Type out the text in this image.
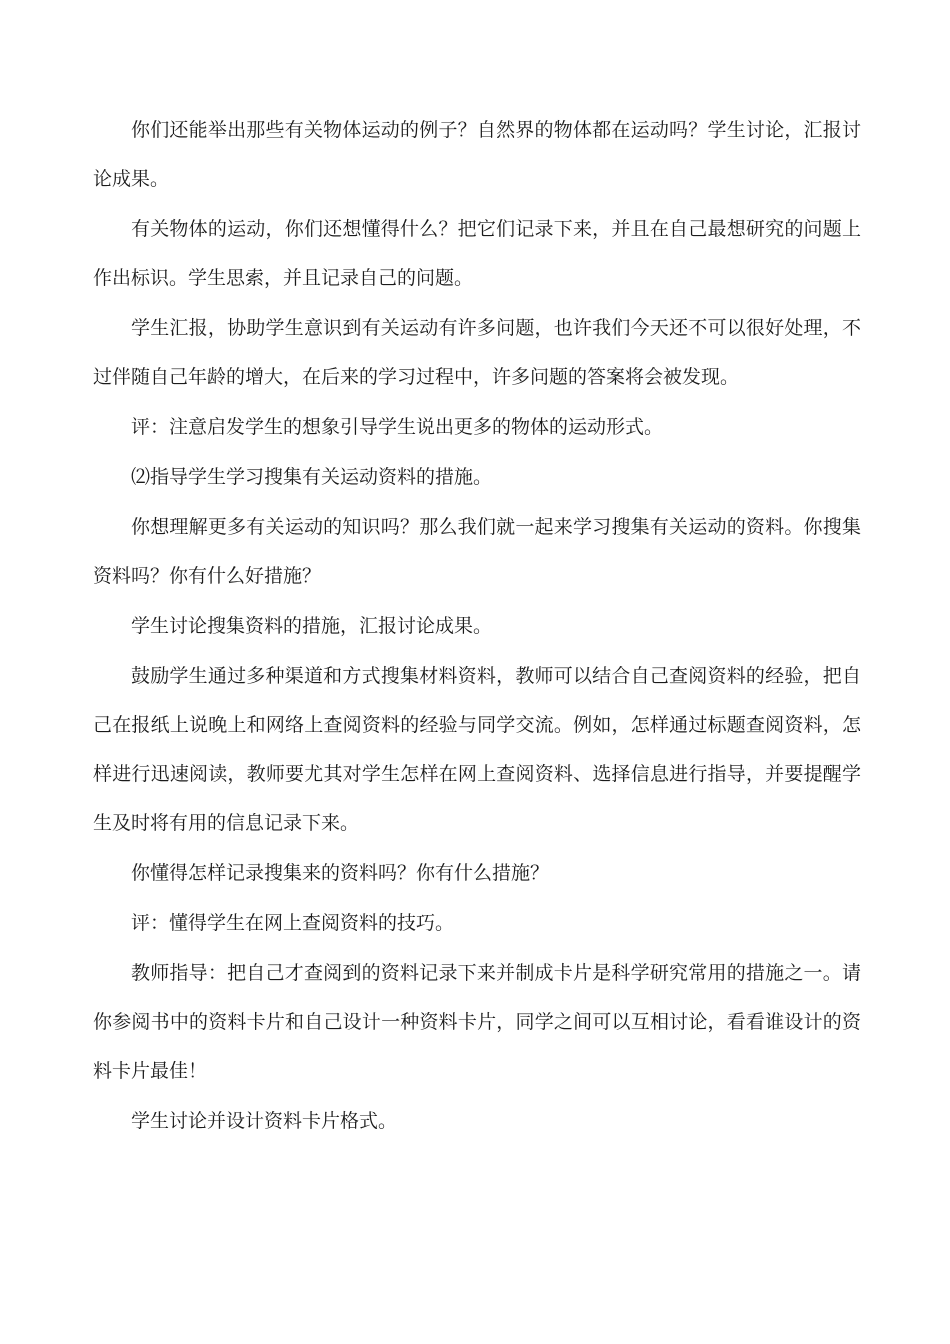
你们还能举出那些有关物体运动的例子？自然界的物体都在运动吗？学生讨论，汇报讨论成果。

有关物体的运动，你们还想懂得什么？把它们记录下来，并且在自己最想研究的问题上作出标识。学生思索，并且记录自己的问题。

学生汇报，协助学生意识到有关运动有许多问题，也许我们今天还不可以很好处理，不过伴随自己年龄的增大，在后来的学习过程中，许多问题的答案将会被发现。

评：注意启发学生的想象引导学生说出更多的物体的运动形式。

⑵指导学生学习搜集有关运动资料的措施。

你想理解更多有关运动的知识吗？那么我们就一起来学习搜集有关运动的资料。你搜集资料吗？你有什么好措施？

学生讨论搜集资料的措施，汇报讨论成果。

鼓励学生通过多种渠道和方式搜集材料资料，教师可以结合自己查阅资料的经验，把自己在报纸上说晚上和网络上查阅资料的经验与同学交流。例如，怎样通过标题查阅资料，怎样进行迅速阅读，教师要尤其对学生怎样在网上查阅资料、选择信息进行指导，并要提醒学生及时将有用的信息记录下来。

你懂得怎样记录搜集来的资料吗？你有什么措施？

评：懂得学生在网上查阅资料的技巧。

教师指导：把自己才查阅到的资料记录下来并制成卡片是科学研究常用的措施之一。请你参阅书中的资料卡片和自己设计一种资料卡片，同学之间可以互相讨论，看看谁设计的资料卡片最佳！

学生讨论并设计资料卡片格式。
